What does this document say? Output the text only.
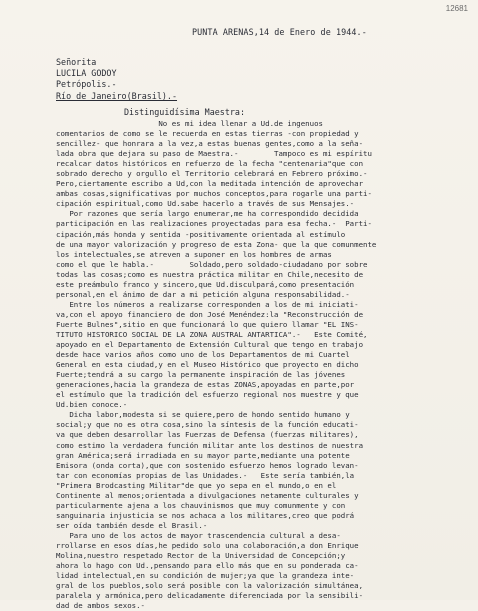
12681
PUNTA ARENAS,14 de Enero de 1944.-
Señorita
LUCILA GODOY
Petrópolis.-
Río de Janeiro(Brasil).-
Distinguidísima Maestra:
No es mi idea llenar a Ud.de ingenuos
comentarios de como se le recuerda en estas tierras -con propiedad y
sencillez- que honrara a la vez,a estas buenas gentes,como a la seña-
lada obra que dejara su paso de Maestra.-        Tampoco es mi espíritu
recalcar datos históricos en refuerzo de la fecha "centenaria"que con
sobrado derecho y orgullo el Territorio celebrará en Febrero próximo.-
Pero,ciertamente escribo a Ud,con la meditada intención de aprovechar
ambas cosas,significativas por muchos conceptos,para rogarle una parti-
cipación espiritual,como Ud.sabe hacerlo a través de sus Mensajes.-
Por razones que sería largo enumerar,me ha correspondido decidida
participación en las realizaciones proyectadas para esa fecha.-  Parti-
cipación,más honda y sentida -positivamente orientada al estímulo
de una mayor valorización y progreso de esta Zona- que la que comunmente
los intelectuales,se atreven a suponer en los hombres de armas
como el que le habla.-        Soldado,pero soldado-ciudadano por sobre
todas las cosas;como es nuestra práctica militar en Chile,necesito de
este preámbulo franco y sincero,que Ud.disculpará,como presentación
personal,en el ánimo de dar a mi petición alguna responsabilidad.-
Entre los números a realizarse corresponden a los de mi iniciati-
va,con el apoyo financiero de don José Menéndez:la "Reconstrucción de
Fuerte Bulnes",sitio en que funcionará lo que quiero llamar "EL INS-
TITUTO HISTORICO SOCIAL DE LA ZONA AUSTRAL ANTARTICA".-   Este Comité,
apoyado en el Departamento de Extensión Cultural que tengo en trabajo
desde hace varios años como uno de los Departamentos de mi Cuartel
General en esta ciudad,y en el Museo Histórico que proyecto en dicho
Fuerte;tendrá a su cargo la permanente inspiración de las jóvenes
generaciones,hacia la grandeza de estas ZONAS,apoyadas en parte,por
el estímulo que la tradición del esfuerzo regional nos muestre y que
Ud.bien conoce.-
Dicha labor,modesta si se quiere,pero de hondo sentido humano y
social;y que no es otra cosa,sino la síntesis de la función educati-
va que deben desarrollar las Fuerzas de Defensa (fuerzas militares),
como estimo la verdadera función militar ante los destinos de nuestra
gran América;será irradiada en su mayor parte,mediante una potente
Emisora (onda corta),que con sostenido esfuerzo hemos logrado levan-
tar con economías propias de las Unidades.-   Este sería también,la
"Primera Brodcasting Militar"de que yo sepa en el mundo,o en el
Continente al menos;orientada a divulgaciones netamente culturales y
particularmente ajena a los chauvinismos que muy comunmente y con
sanguinaria injusticia se nos achaca a los militares,creo que podrá
ser oída también desde el Brasil.-
Para uno de los actos de mayor trascendencia cultural a desa-
rrollarse en esos días,he pedido solo una colaboración,a don Enrique
Molina,nuestro respetado Rector de la Universidad de Concepción;y
ahora lo hago con Ud.,pensando para ello más que en su ponderada ca-
lidad intelectual,en su condición de mujer;ya que la grandeza inte-
gral de los pueblos,solo será posible con la valorización simultánea,
paralela y armónica,pero delicadamente diferenciada por la sensibili-
dad de ambos sexos.-
